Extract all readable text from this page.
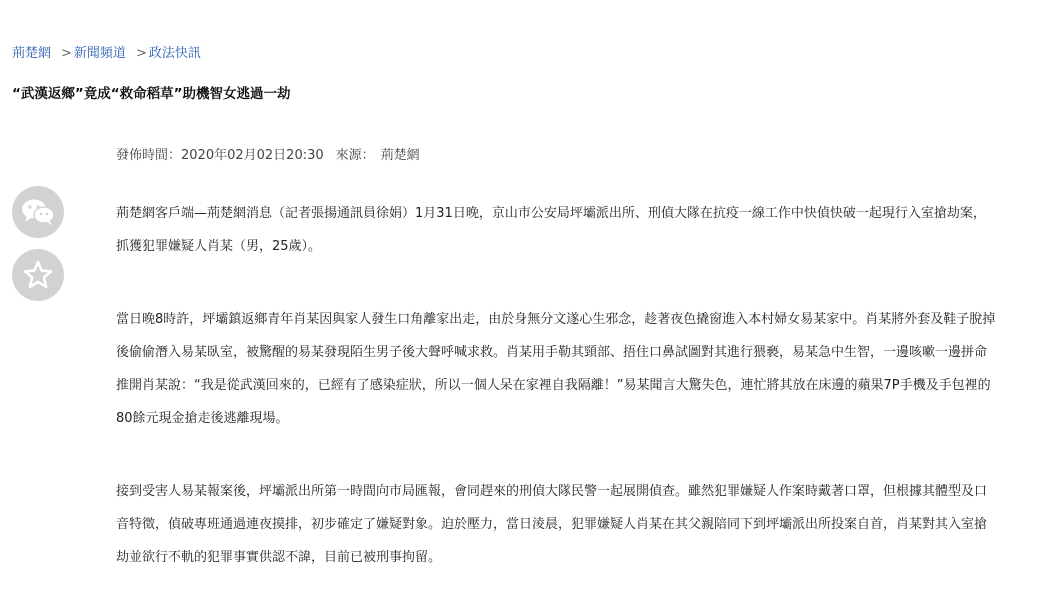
荊楚網 > 新聞頻道 > 政法快訊
“武漢返鄉”竟成“救命稻草”助機智女逃過一劫
發佈時間：2020年02月02日20:30 來源： 荊楚網

荊楚網客戶端—荊楚網消息（記者張揚通訊員徐娟）1月31日晚，京山市公安局坪壩派出所、刑偵大隊在抗疫一線工作中快偵快破一起現行入室搶劫案，抓獲犯罪嫌疑人肖某（男，25歲）。

當日晚8時許，坪壩鎮返鄉青年肖某因與家人發生口角離家出走，由於身無分文遂心生邪念，趁著夜色撬窗進入本村婦女易某家中。肖某將外套及鞋子脫掉後偷偷潛入易某臥室，被驚醒的易某發現陌生男子後大聲呼喊求救。肖某用手勒其頸部、捂住口鼻試圖對其進行猥褻，易某急中生智，一邊咳嗽一邊拼命推開肖某說：“我是從武漢回來的，已經有了感染症狀，所以一個人呆在家裡自我隔離！”易某聞言大驚失色，連忙將其放在床邊的蘋果7P手機及手包裡的80餘元現金搶走後逃離現場。

接到受害人易某報案後，坪壩派出所第一時間向市局匯報，會同趕來的刑偵大隊民警一起展開偵查。雖然犯罪嫌疑人作案時戴著口罩，但根據其體型及口音特徵，偵破專班通過連夜摸排，初步確定了嫌疑對象。迫於壓力，當日淩晨，犯罪嫌疑人肖某在其父親陪同下到坪壩派出所投案自首，肖某對其入室搶劫並欲行不軌的犯罪事實供認不諱，目前已被刑事拘留。
